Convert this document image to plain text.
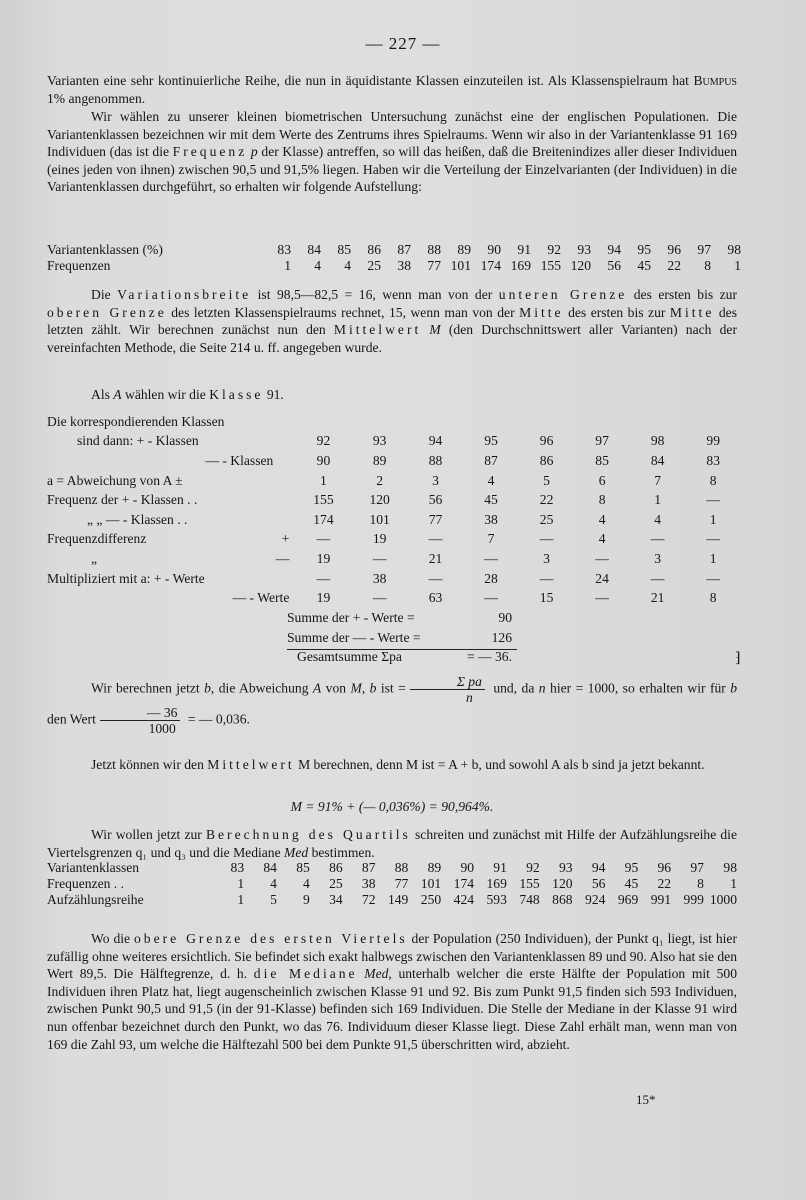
— 227 —
Varianten eine sehr kontinuierliche Reihe, die nun in äquidistante Klassen einzuteilen ist. Als Klassenspielraum hat Bumpus 1% angenommen.
Wir wählen zu unserer kleinen biometrischen Untersuchung zunächst eine der englischen Populationen. Die Variantenklassen bezeichnen wir mit dem Werte des Zentrums ihres Spielraums. Wenn wir also in der Variantenklasse 91 169 Individuen (das ist die Frequenz p der Klasse) antreffen, so will das heißen, daß die Breitenindizes aller dieser Individuen (eines jeden von ihnen) zwischen 90,5 und 91,5% liegen. Haben wir die Verteilung der Einzelvarianten (der Individuen) in die Variantenklassen durchgeführt, so erhalten wir folgende Aufstellung:
Variantenklassen (%)	83	84	85	86	87	88	89	90	91	92	93	94	95	96	97	98
Frequenzen	1	4	4	25	38	77	101	174	169	155	120	56	45	22	8	1
Die Variationsbreite ist 98,5—82,5 = 16, wenn man von der unteren Grenze des ersten bis zur oberen Grenze des letzten Klassenspielraums rechnet, 15, wenn man von der Mitte des ersten bis zur Mitte des letzten zählt. Wir berechnen zunächst nun den Mittelwert M (den Durchschnittswert aller Varianten) nach der vereinfachten Methode, die Seite 214 u. ff. angegeben wurde.
Als A wählen wir die Klasse 91.
Die korrespondierenden Klassen								
sind dann: + - Klassen	92	93	94	95	96	97	98	99
— - Klassen	90	89	88	87	86	85	84	83
a = Abweichung von A ±	1	2	3	4	5	6	7	8
Frequenz der + - Klassen . .	155	120	56	45	22	8	1	—
„ „ — - Klassen . .	174	101	77	38	25	4	4	1
Frequenzdifferenz +	—	19	—	7	—	4	—	—
„ —	19	—	21	—	3	—	3	1
Multipliziert mit a: + - Werte	—	38	—	28	—	24	—	—
— - Werte	19	—	63	—	15	—	21	8
Summe der + - Werte =	90
Summe der — - Werte =	126
Gesamtsumme Σpa	= — 36.	⁆
Wir berechnen jetzt b, die Abweichung A von M, b ist = $\frac{\text{Σ pa}}{n}$ und, da n hier = 1000, so erhalten wir für b den Wert $\frac{— 36}{1000}$ = — 0,036.
Jetzt können wir den Mittelwert M berechnen, denn M ist = A + b, und sowohl A als b sind ja jetzt bekannt.
M = 91% + (— 0,036%) = 90,964%.
Wir wollen jetzt zur Berechnung des Quartils schreiten und zunächst mit Hilfe der Aufzählungsreihe die Viertelsgrenzen q₁ und q₃ und die Mediane Med bestimmen.
Variantenklassen	83	84	85	86	87	88	89	90	91	92	93	94	95	96	97	98
Frequenzen . .	1	4	4	25	38	77	101	174	169	155	120	56	45	22	8	1
Aufzählungsreihe	1	5	9	34	72	149	250	424	593	748	868	924	969	991	999	1000
Wo die obere Grenze des ersten Viertels der Population (250 Individuen), der Punkt q₁ liegt, ist hier zufällig ohne weiteres ersichtlich. Sie befindet sich exakt halbwegs zwischen den Variantenklassen 89 und 90. Also hat sie den Wert 89,5. Die Hälftegrenze, d. h. die Mediane Med, unterhalb welcher die erste Hälfte der Population mit 500 Individuen ihren Platz hat, liegt augenscheinlich zwischen Klasse 91 und 92. Bis zum Punkt 91,5 finden sich 593 Individuen, zwischen Punkt 90,5 und 91,5 (in der 91-Klasse) befinden sich 169 Individuen. Die Stelle der Mediane in der Klasse 91 wird nun offenbar bezeichnet durch den Punkt, wo das 76. Individuum dieser Klasse liegt. Diese Zahl erhält man, wenn man von 169 die Zahl 93, um welche die Hälftezahl 500 bei dem Punkte 91,5 überschritten wird, abzieht.
15*
